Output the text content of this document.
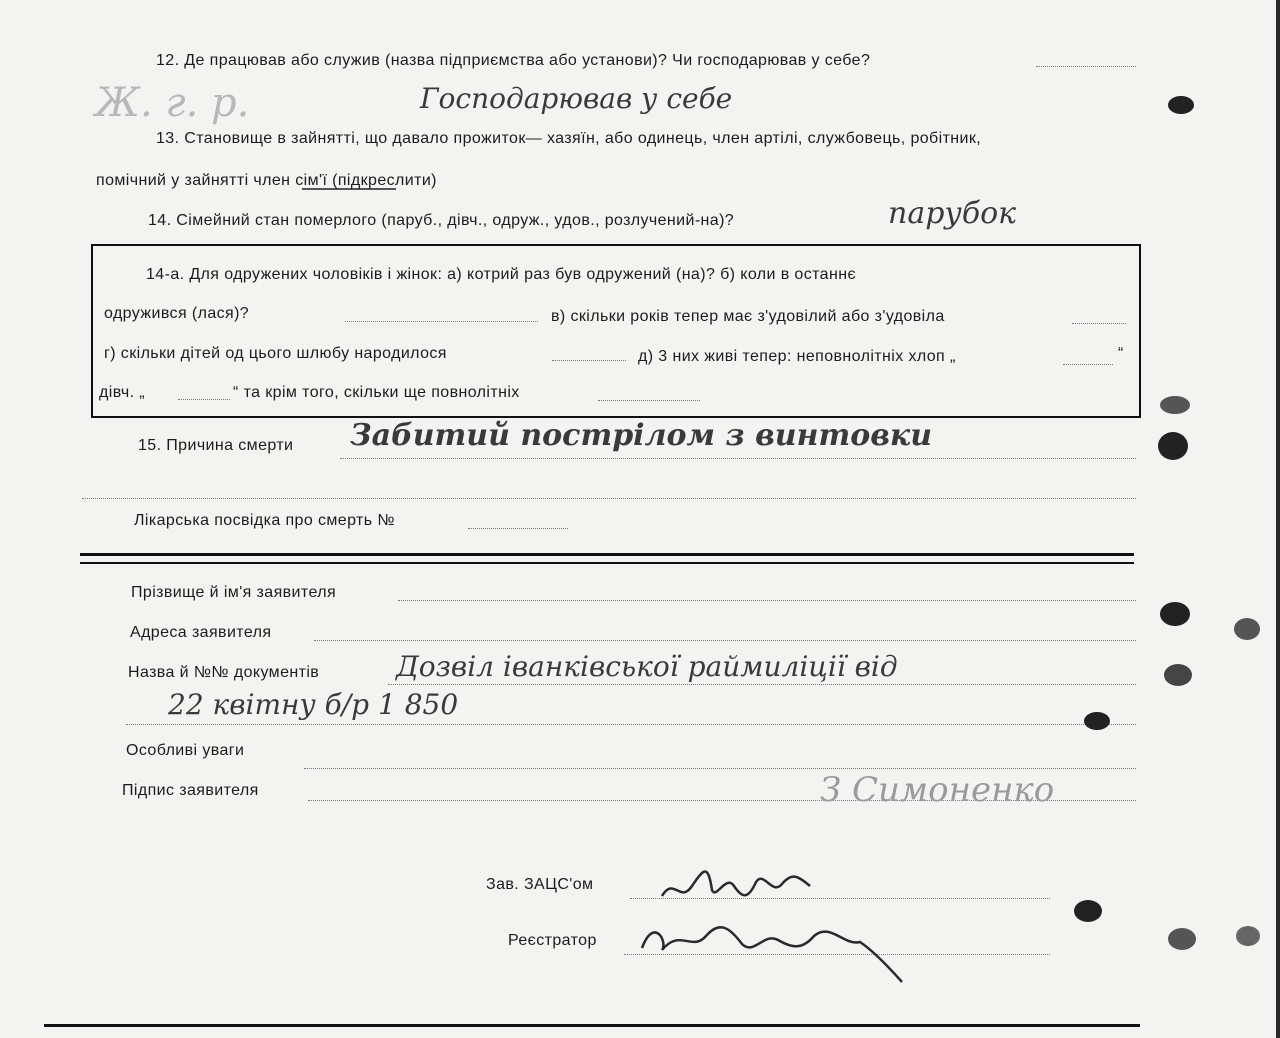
12. Де працював або служив (назва підприємства або установи)? Чи господарював у себе?
Ж. г. р.	Господарював у себе
13. Становище в зайнятті, що давало прожиток— хазяїн, або одинець, член артілі, службовець, робітник,
помічний у зайнятті член сім'ї (підкреслити)
14. Сімейний стан померлого (паруб., дівч., одруж., удов., розлучений-на)?	парубок
14-а. Для одружених чоловіків і жінок: а) котрий раз був одружений (на)? б) коли в останнє
одружився (лася)?	в) скільки років тепер має з'удовілий або з'удовіла
г) скільки дітей од цього шлюбу народилося	д) 3 них живі тепер: неповнолітніх хлоп „	“
дівч. „	“ та крім того, скільки ще повнолітніх
15. Причина смерти Забитий пострілом з винтовки
Лікарська посвідка про смерть №
Прізвище й ім'я заявителя
Адреса заявителя
Назва й №№ документів	Дозвіл іванківської раймиліції від
22 квітну б/р 1 850
Особливі уваги
Підпис заявителя	З Симоненко
Зав. ЗАЦС'ом
Реєстратор
